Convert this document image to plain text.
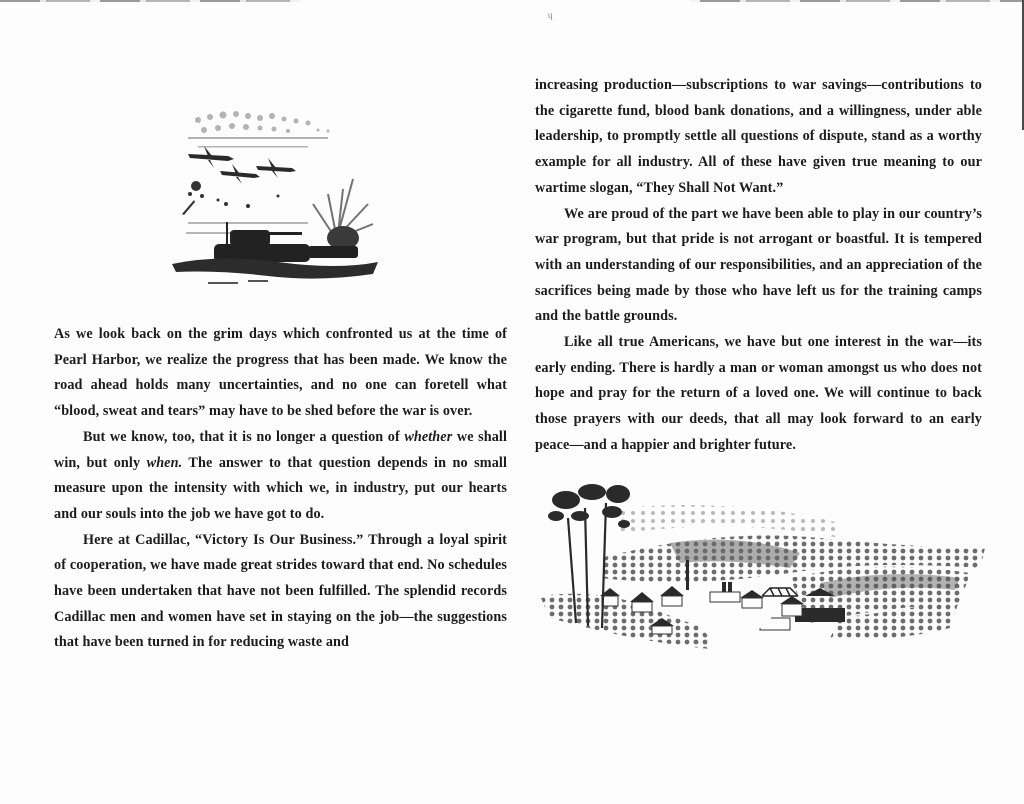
ʮ

As we look back on the grim days which confronted us at the time of Pearl Harbor, we realize the progress that has been made. We know the road ahead holds many uncertainties, and no one can foretell what “blood, sweat and tears” may have to be shed before the war is over.

But we know, too, that it is no longer a question of whether we shall win, but only when. The answer to that question depends in no small measure upon the intensity with which we, in industry, put our hearts and our souls into the job we have got to do.

Here at Cadillac, “Victory Is Our Business.” Through a loyal spirit of cooperation, we have made great strides toward that end. No schedules have been undertaken that have not been fulfilled. The splendid records Cadillac men and women have set in staying on the job—the suggestions that have been turned in for reducing waste and

increasing production—subscriptions to war savings—contributions to the cigarette fund, blood bank donations, and a willingness, under able leadership, to promptly settle all questions of dispute, stand as a worthy example for all industry. All of these have given true meaning to our wartime slogan, “They Shall Not Want.”

We are proud of the part we have been able to play in our country’s war program, but that pride is not arrogant or boastful. It is tempered with an understanding of our responsibilities, and an appreciation of the sacrifices being made by those who have left us for the training camps and the battle grounds.

Like all true Americans, we have but one interest in the war—its early ending. There is hardly a man or woman amongst us who does not hope and pray for the return of a loved one. We will continue to back those prayers with our deeds, that all may look forward to an early peace—and a happier and brighter future.
